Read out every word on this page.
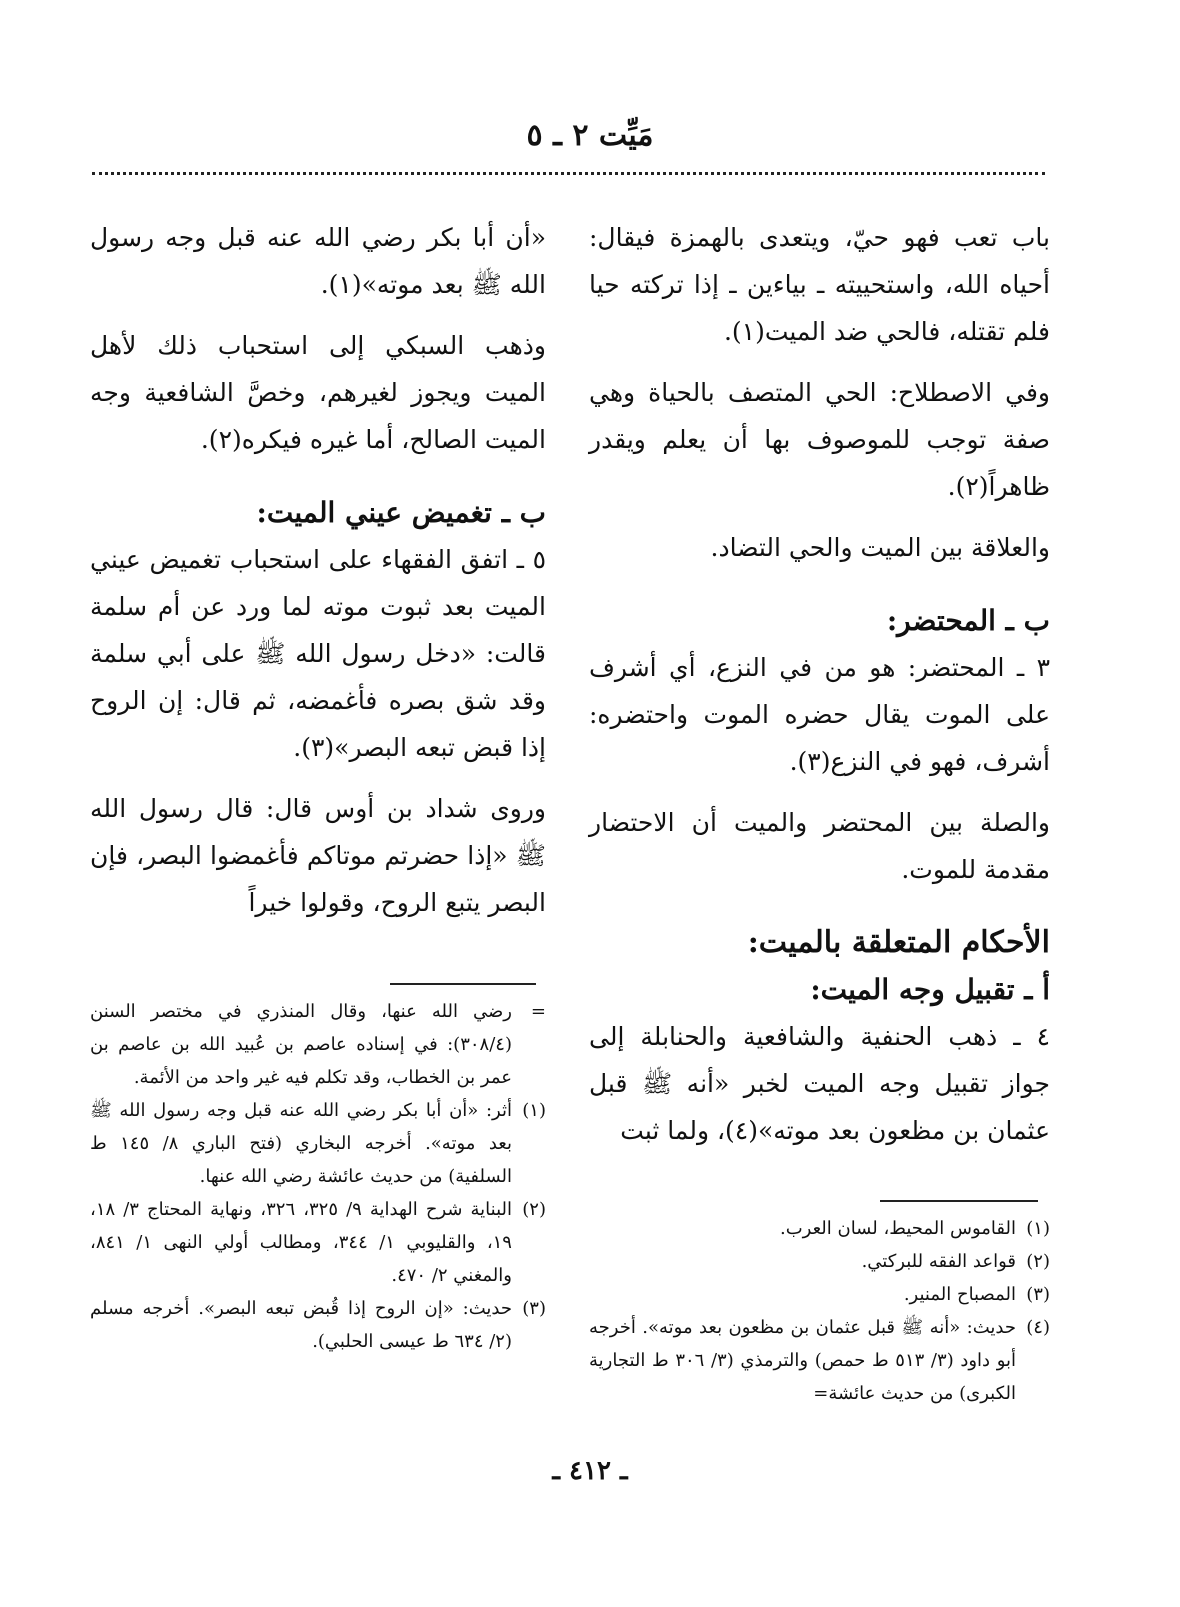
مَيِّت ٢ ـ ٥

باب تعب فهو حيّ، ويتعدى بالهمزة فيقال: أحياه الله، واستحييته ـ بياءين ـ إذا تركته حيا فلم تقتله، فالحي ضد الميت(١).

وفي الاصطلاح: الحي المتصف بالحياة وهي صفة توجب للموصوف بها أن يعلم ويقدر ظاهراً(٢).

والعلاقة بين الميت والحي التضاد.

ب ـ المحتضر:

٣ ـ المحتضر: هو من في النزع، أي أشرف على الموت يقال حضره الموت واحتضره: أشرف، فهو في النزع(٣).

والصلة بين المحتضر والميت أن الاحتضار مقدمة للموت.

الأحكام المتعلقة بالميت:

أ ـ تقبيل وجه الميت:

٤ ـ ذهب الحنفية والشافعية والحنابلة إلى جواز تقبيل وجه الميت لخبر «أنه ﷺ قبل عثمان بن مظعون بعد موته»(٤)، ولما ثبت

«أن أبا بكر رضي الله عنه قبل وجه رسول الله ﷺ بعد موته»(١).

وذهب السبكي إلى استحباب ذلك لأهل الميت ويجوز لغيرهم، وخصَّ الشافعية وجه الميت الصالح، أما غيره فيكره(٢).

ب ـ تغميض عيني الميت:

٥ ـ اتفق الفقهاء على استحباب تغميض عيني الميت بعد ثبوت موته لما ورد عن أم سلمة قالت: «دخل رسول الله ﷺ على أبي سلمة وقد شق بصره فأغمضه، ثم قال: إن الروح إذا قبض تبعه البصر»(٣).

وروى شداد بن أوس قال: قال رسول الله ﷺ «إذا حضرتم موتاكم فأغمضوا البصر، فإن البصر يتبع الروح، وقولوا خيراً

=
رضي الله عنها، وقال المنذري في مختصر السنن (٣٠٨/٤): في إسناده عاصم بن عُبيد الله بن عاصم بن عمر بن الخطاب، وقد تكلم فيه غير واحد من الأئمة.
(١)
أثر: «أن أبا بكر رضي الله عنه قبل وجه رسول الله ﷺ بعد موته». أخرجه البخاري (فتح الباري ٨/ ١٤٥ ط السلفية) من حديث عائشة رضي الله عنها.
(٢)
البناية شرح الهداية ٩/ ٣٢٥، ٣٢٦، ونهاية المحتاج ٣/ ١٨، ١٩، والقليوبي ١/ ٣٤٤، ومطالب أولي النهى ١/ ٨٤١، والمغني ٢/ ٤٧٠.
(٣)
حديث: «إن الروح إذا قُبض تبعه البصر». أخرجه مسلم (٢/ ٦٣٤ ط عيسى الحلبي).
(١)
القاموس المحيط، لسان العرب.
(٢)
قواعد الفقه للبركتي.
(٣)
المصباح المنير.
(٤)
حديث: «أنه ﷺ قبل عثمان بن مظعون بعد موته». أخرجه أبو داود (٣/ ٥١٣ ط حمص) والترمذي (٣/ ٣٠٦ ط التجارية الكبرى) من حديث عائشة=
ـ ٤١٢ ـ
